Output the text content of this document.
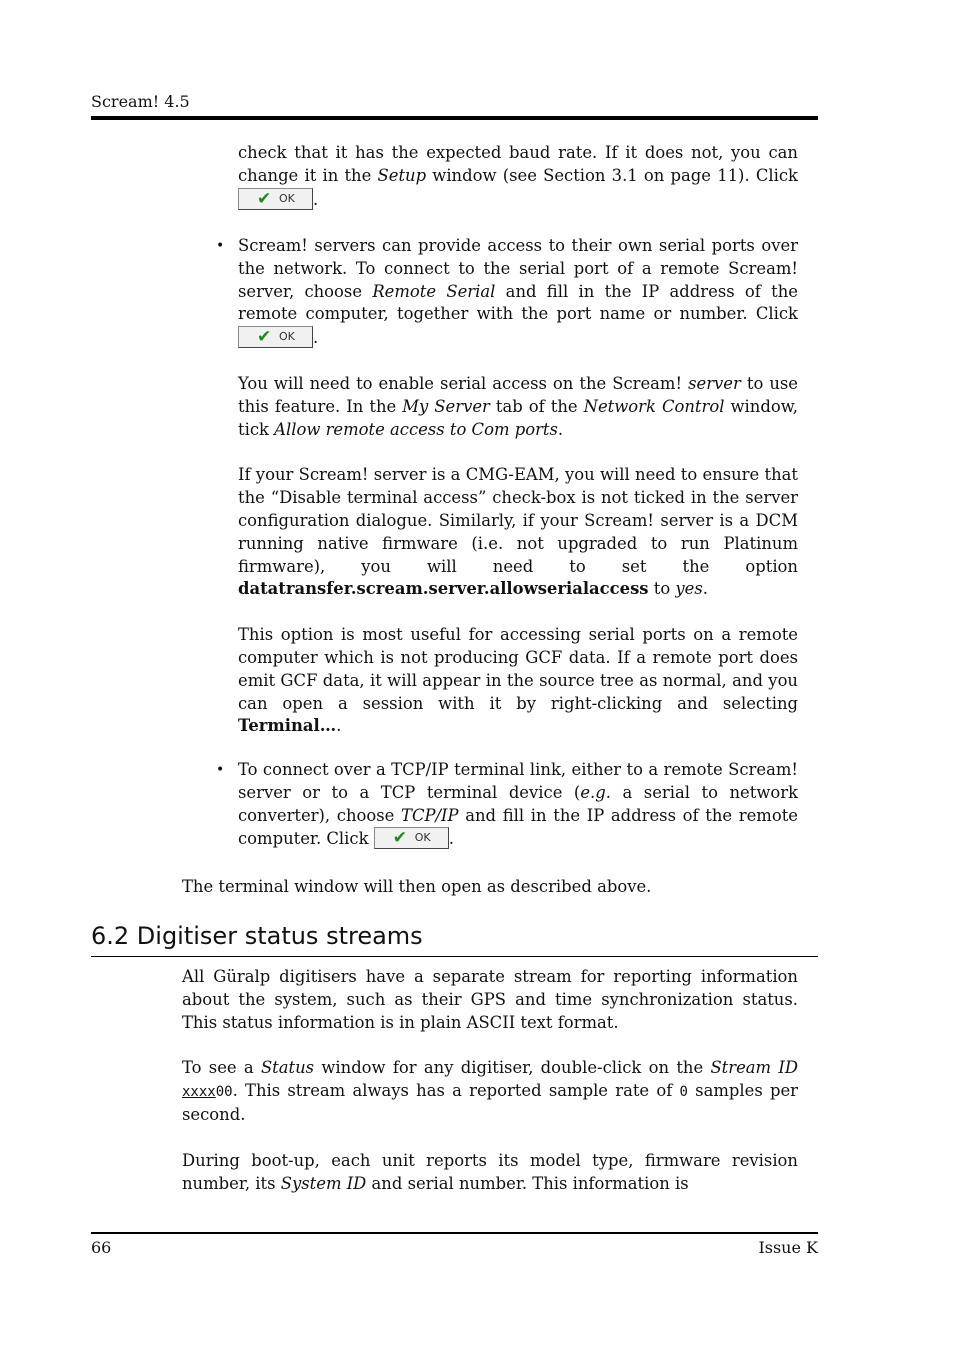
Scream! 4.5

check that it has the expected baud rate. If it does not, you can change it in the Setup window (see Section 3.1 on page 11). Click
✔ OK .

• Scream! servers can provide access to their own serial ports over the network. To connect to the serial port of a remote Scream! server, choose Remote Serial and fill in the IP address of the remote computer, together with the port name or number. Click
✔ OK .

You will need to enable serial access on the Scream! server to use this feature. In the My Server tab of the Network Control window, tick Allow remote access to Com ports.

If your Scream! server is a CMG-EAM, you will need to ensure that the “Disable terminal access” check-box is not ticked in the server configuration dialogue. Similarly, if your Scream! server is a DCM running native firmware (i.e. not upgraded to run Platinum firmware), you will need to set the option datatransfer.scream.server.allowserialaccess to yes.

This option is most useful for accessing serial ports on a remote computer which is not producing GCF data. If a remote port does emit GCF data, it will appear in the source tree as normal, and you can open a session with it by right-clicking and selecting Terminal….

• To connect over a TCP/IP terminal link, either to a remote Scream! server or to a TCP terminal device (e.g. a serial to network converter), choose TCP/IP and fill in the IP address of the remote computer. Click ✔ OK .

The terminal window will then open as described above.

6.2 Digitiser status streams

All Güralp digitisers have a separate stream for reporting information about the system, such as their GPS and time synchronization status. This status information is in plain ASCII text format.

To see a Status window for any digitiser, double-click on the Stream ID xxxx00. This stream always has a reported sample rate of 0 samples per second.

During boot-up, each unit reports its model type, firmware revision number, its System ID and serial number. This information is

66	Issue K
